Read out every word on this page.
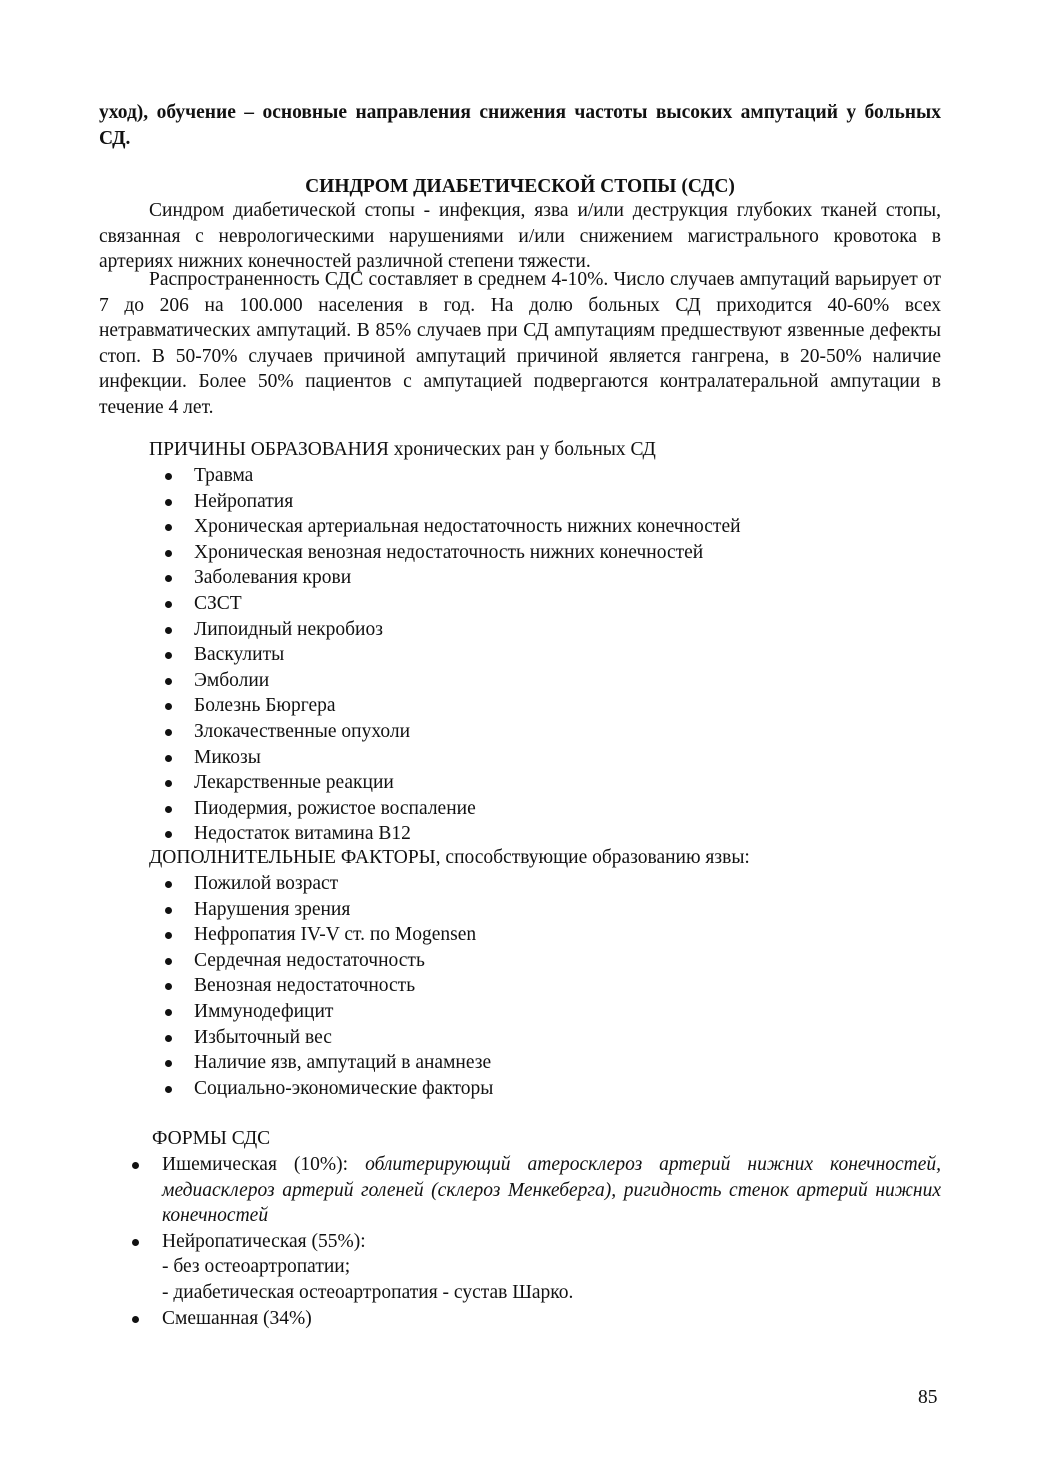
уход), обучение – основные направления снижения частоты высоких ампутаций у больных СД.
СИНДРОМ ДИАБЕТИЧЕСКОЙ СТОПЫ (СДС)
Синдром диабетической стопы - инфекция, язва и/или деструкция глубоких тканей стопы, связанная с неврологическими нарушениями и/или снижением магистрального кровотока в артериях нижних конечностей различной степени тяжести.
Распространенность СДС составляет в среднем 4-10%. Число случаев ампутаций варьирует от 7 до 206 на 100.000 населения в год. На долю больных СД приходится 40-60% всех нетравматических ампутаций. В 85% случаев при СД ампутациям предшествуют язвенные дефекты стоп. В 50-70% случаев причиной ампутаций причиной является гангрена, в 20-50% наличие инфекции. Более 50% пациентов с ампутацией подвергаются контралатеральной ампутации в течение 4 лет.
ПРИЧИНЫ ОБРАЗОВАНИЯ хронических ран у больных СД
Травма
Нейропатия
Хроническая артериальная недостаточность нижних конечностей
Хроническая венозная недостаточность нижних конечностей
Заболевания крови
СЗСТ
Липоидный некробиоз
Васкулиты
Эмболии
Болезнь Бюргера
Злокачественные опухоли
Микозы
Лекарственные реакции
Пиодермия, рожистое воспаление
Недостаток витамина В12
ДОПОЛНИТЕЛЬНЫЕ ФАКТОРЫ, способствующие образованию язвы:
Пожилой возраст
Нарушения зрения
Нефропатия IV-V ст. по Mogensen
Сердечная недостаточность
Венозная недостаточность
Иммунодефицит
Избыточный вес
Наличие язв, ампутаций в анамнезе
Социально-экономические факторы
ФОРМЫ СДС
Ишемическая (10%): облитерирующий атеросклероз артерий нижних конечностей, медиасклероз артерий голеней (склероз Менкеберга), ригидность стенок артерий нижних конечностей
Нейропатическая (55%):
- без остеоартропатии;
- диабетическая остеоартропатия - сустав Шарко.
Смешанная (34%)
85
